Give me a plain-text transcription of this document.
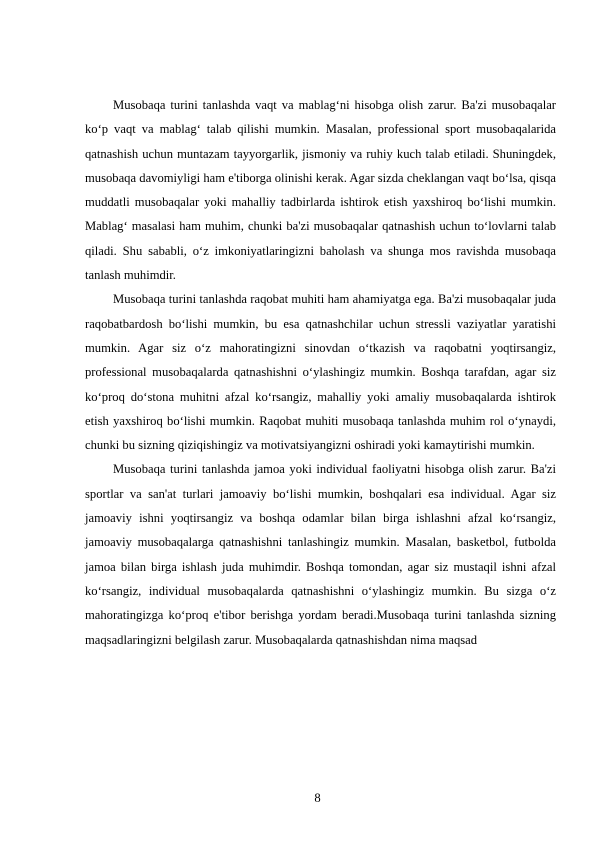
Musobaqa turini tanlashda vaqt va mablag‘ni hisobga olish zarur. Ba'zi musobaqalar ko‘p vaqt va mablag‘ talab qilishi mumkin. Masalan, professional sport musobaqalarida qatnashish uchun muntazam tayyorgarlik, jismoniy va ruhiy kuch talab etiladi. Shuningdek, musobaqa davomiyligi ham e'tiborga olinishi kerak. Agar sizda cheklangan vaqt bo‘lsa, qisqa muddatli musobaqalar yoki mahalliy tadbirlarda ishtirok etish yaxshiroq bo‘lishi mumkin. Mablag‘ masalasi ham muhim, chunki ba'zi musobaqalar qatnashish uchun to‘lovlarni talab qiladi. Shu sababli, o‘z imkoniyatlaringizni baholash va shunga mos ravishda musobaqa tanlash muhimdir.

Musobaqa turini tanlashda raqobat muhiti ham ahamiyatga ega. Ba'zi musobaqalar juda raqobatbardosh bo‘lishi mumkin, bu esa qatnashchilar uchun stressli vaziyatlar yaratishi mumkin. Agar siz o‘z mahoratingizni sinovdan o‘tkazish va raqobatni yoqtirsangiz, professional musobaqalarda qatnashishni o‘ylashingiz mumkin. Boshqa tarafdan, agar siz ko‘proq do‘stona muhitni afzal ko‘rsangiz, mahalliy yoki amaliy musobaqalarda ishtirok etish yaxshiroq bo‘lishi mumkin. Raqobat muhiti musobaqa tanlashda muhim rol o‘ynaydi, chunki bu sizning qiziqishingiz va motivatsiyangizni oshiradi yoki kamaytirishi mumkin.

Musobaqa turini tanlashda jamoa yoki individual faoliyatni hisobga olish zarur. Ba'zi sportlar va san'at turlari jamoaviy bo‘lishi mumkin, boshqalari esa individual. Agar siz jamoaviy ishni yoqtirsangiz va boshqa odamlar bilan birga ishlashni afzal ko‘rsangiz, jamoaviy musobaqalarga qatnashishni tanlashingiz mumkin. Masalan, basketbol, futbolda jamoa bilan birga ishlash juda muhimdir. Boshqa tomondan, agar siz mustaqil ishni afzal ko‘rsangiz, individual musobaqalarda qatnashishni o‘ylashingiz mumkin. Bu sizga o‘z mahoratingizga ko‘proq e'tibor berishga yordam beradi.Musobaqa turini tanlashda sizning maqsadlaringizni belgilash zarur. Musobaqalarda qatnashishdan nima maqsad

8
